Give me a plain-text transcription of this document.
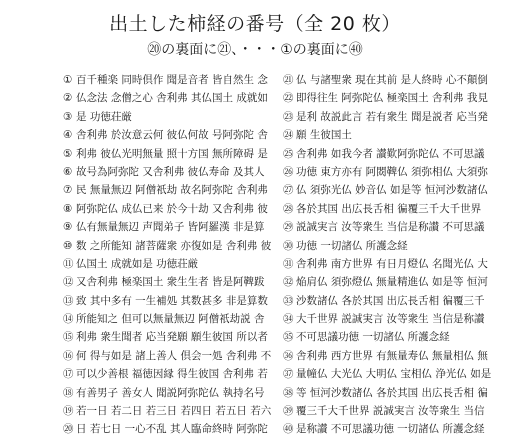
出土した柿経の番号（全 20 枚）
⑳の裏面に㉑、・・・①の裏面に㊵
① 百千種楽 同時倶作 聞是音者 皆自然生 念
② 仏念法 念僧之心 舎利弗 其仏国土 成就如
③ 是 功徳荘厳
④ 舎利弗 於汝意云何 彼仏何故 号阿弥陀 舎
⑤ 利弗 彼仏光明無量 照十方国 無所障碍 是
⑥ 故号為阿弥陀 又舎利弗 彼仏寿命 及其人
⑦ 民 無量無辺 阿僧祇劫 故名阿弥陀 舎利弗
⑧ 阿弥陀仏 成仏已来 於今十劫 又舎利弗 彼
⑨ 仏有無量無辺 声聞弟子 皆阿羅漢 非是算
⑩ 数 之所能知 諸菩薩衆 亦復如是 舎利弗 彼
⑪ 仏国土 成就如是 功徳荘厳
⑫ 又舎利弗 極楽国土 衆生生者 皆是阿鞞跋
⑬ 致 其中多有 一生補処 其数甚多 非是算数
⑭ 所能知之 但可以無量無辺 阿僧祇劫説 舎
⑮ 利弗 衆生聞者 応当発願 願生彼国 所以者
⑯ 何 得与如是 諸上善人 倶会一処 舎利弗 不
⑰ 可以少善根 福徳因縁 得生彼国 舎利弗 若
⑱ 有善男子 善女人 聞説阿弥陀仏 執持名号
⑲ 若一日 若二日 若三日 若四日 若五日 若六
⑳ 日 若七日 一心不乱 其人臨命終時 阿弥陀
㉑ 仏 与諸聖衆 現在其前 是人終時 心不顛倒
㉒ 即得往生 阿弥陀仏 極楽国土 舎利弗 我見
㉓ 是利 故説此言 若有衆生 聞是説者 応当発
㉔ 願 生彼国土
㉕ 舎利弗 如我今者 讃歎阿弥陀仏 不可思議
㉖ 功徳 東方亦有 阿閦鞞仏 須弥相仏 大須弥
㉗ 仏 須弥光仏 妙音仏 如是等 恒河沙数諸仏
㉘ 各於其国 出広長舌相 徧覆三千大千世界
㉙ 説誠実言 汝等衆生 当信是称讃 不可思議
㉚ 功徳 一切諸仏 所護念経
㉛ 舎利弗 南方世界 有日月燈仏 名聞光仏 大
㉜ 焔肩仏 須弥燈仏 無量精進仏 如是等 恒河
㉝ 沙数諸仏 各於其国 出広長舌相 徧覆三千
㉞ 大千世界 説誠実言 汝等衆生 当信是称讃
㉟ 不可思議功徳 一切諸仏 所護念経
㊱ 舎利弗 西方世界 有無量寿仏 無量相仏 無
㊲ 量幢仏 大光仏 大明仏 宝相仏 浄光仏 如是
㊳ 等 恒河沙数諸仏 各於其国 出広長舌相 徧
㊴ 覆三千大千世界 説誠実言 汝等衆生 当信
㊵ 是称讃 不可思議功徳 一切諸仏 所護念経
